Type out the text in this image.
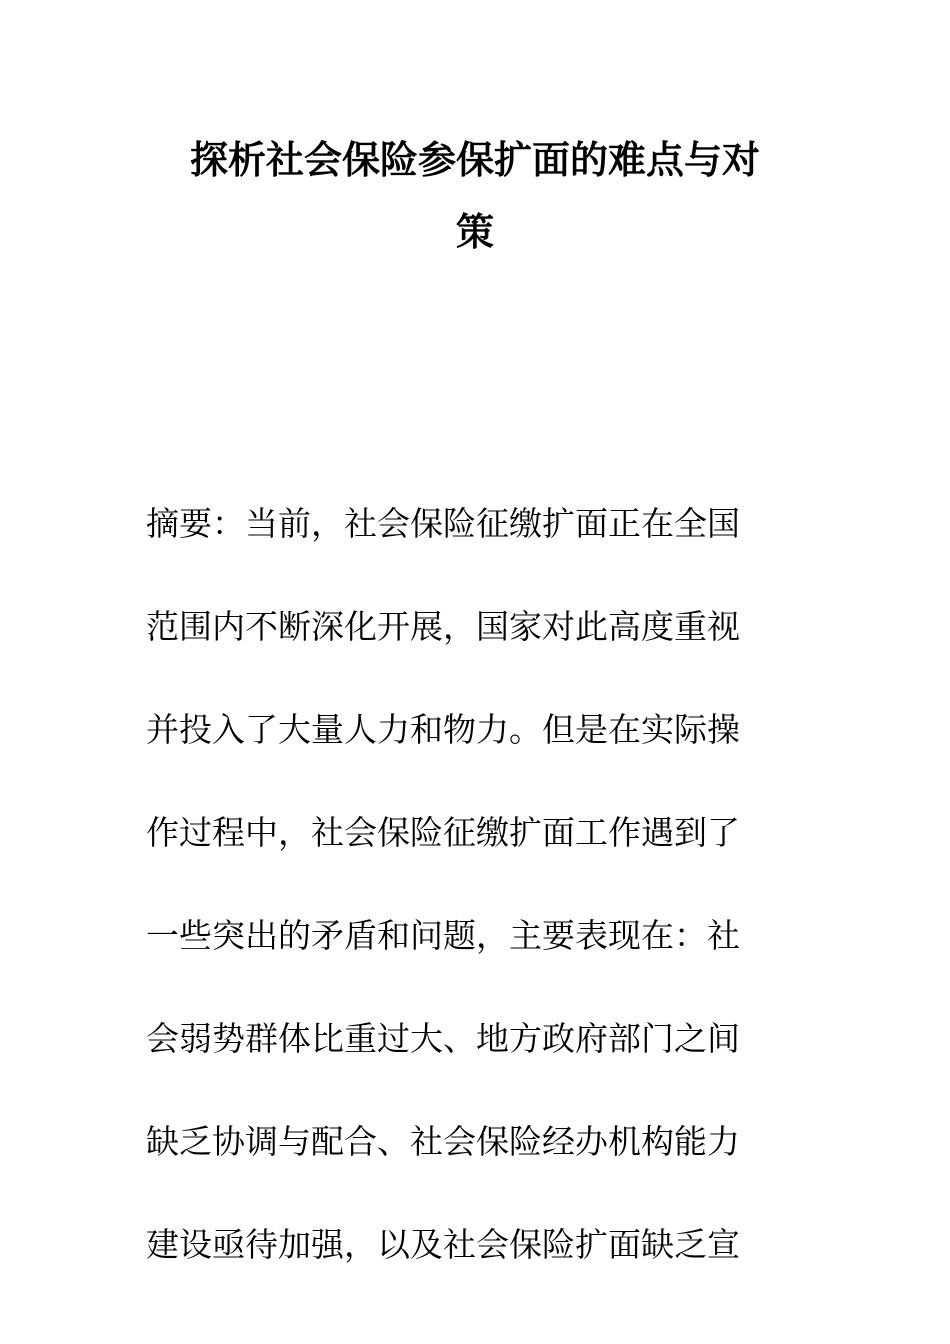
探析社会保险参保扩面的难点与对
策

摘要：当前，社会保险征缴扩面正在全国
范围内不断深化开展，国家对此高度重视
并投入了大量人力和物力。但是在实际操
作过程中，社会保险征缴扩面工作遇到了
一些突出的矛盾和问题，主要表现在：社
会弱势群体比重过大、地方政府部门之间
缺乏协调与配合、社会保险经办机构能力
建设亟待加强，以及社会保险扩面缺乏宣
